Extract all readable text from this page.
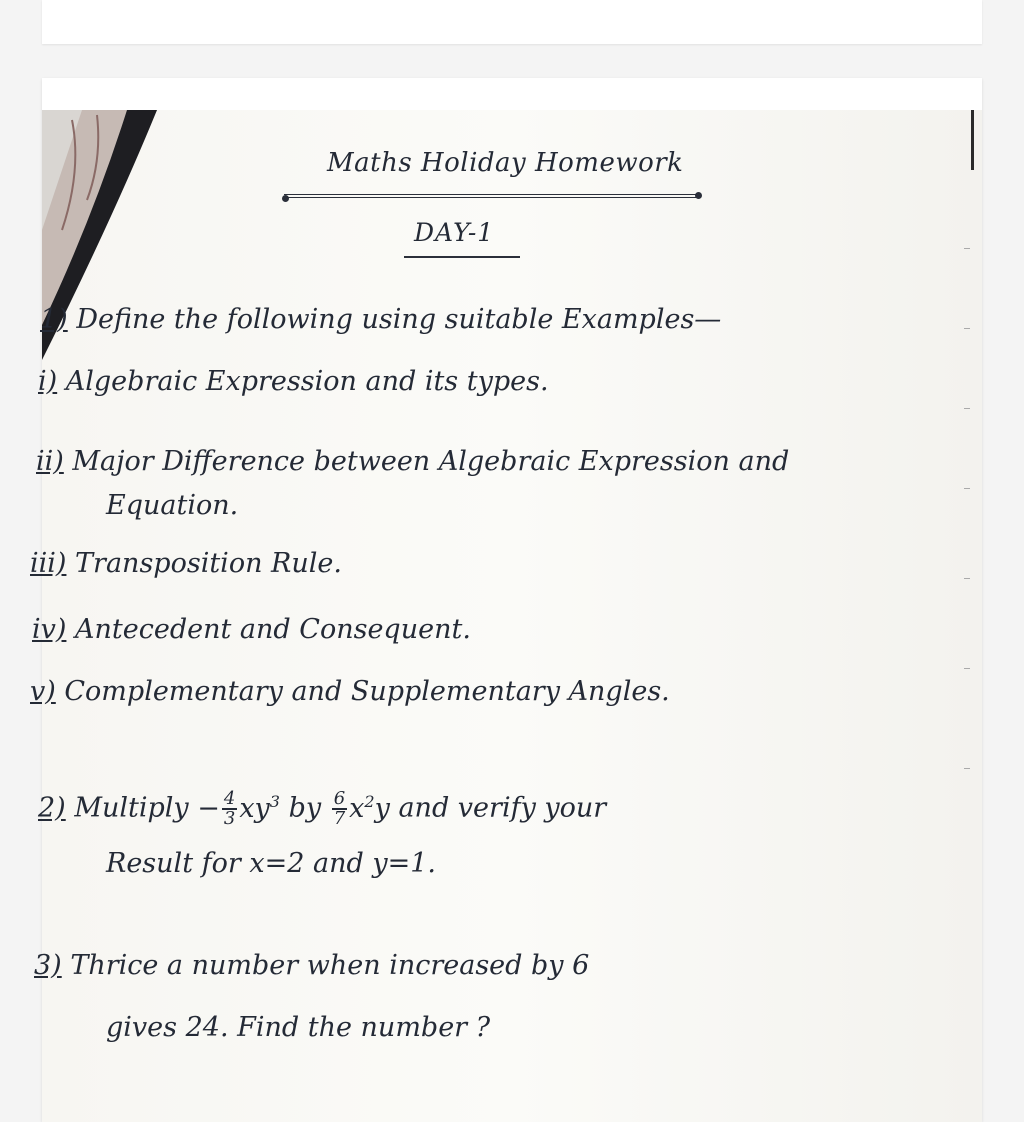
Maths Holiday Homework
DAY-1
1) Define the following using suitable Examples—
i) Algebraic Expression and its types.
ii) Major Difference between Algebraic Expression and
Equation.
iii) Transposition Rule.
iv) Antecedent and Consequent.
v) Complementary and Supplementary Angles.
2) Multiply − $\frac{4}{3} xy^3$ by $\frac{6}{7} x^2y$ and verify your
Result for x=2 and y=1.
3) Thrice a number when increased by 6
gives 24. Find the number ?
